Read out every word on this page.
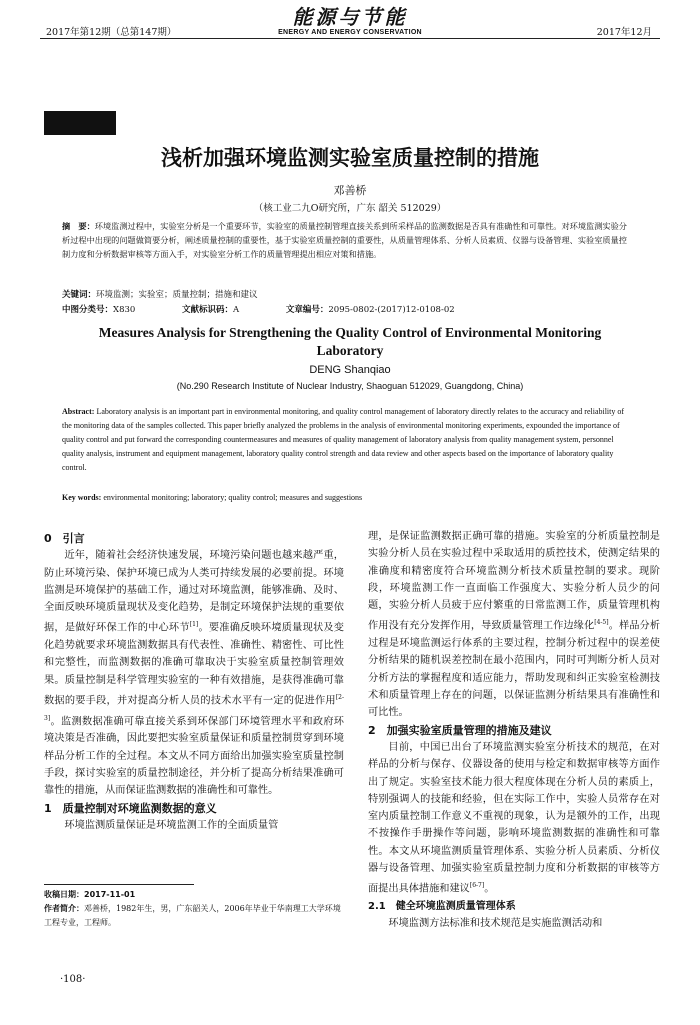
2017年第12期（总第147期）
能源与节能
ENERGY AND ENERGY CONSERVATION	2017年12月
浅析加强环境监测实验室质量控制的措施
邓善桥
（核工业二九O研究所，广东 韶关 512029）
摘　要：环境监测过程中，实验室分析是一个重要环节，实验室的质量控制管理直接关系到所采样品的监测数据是否具有准确性和可靠性。对环境监测实验分析过程中出现的问题做简要分析，阐述质量控制的重要性，基于实验室质量控制的重要性，从质量管理体系、分析人员素质、仪器与设备管理、实验室质量控制力度和分析数据审核等方面入手，对实验室分析工作的质量管理提出相应对策和措施。
关键词：环境监测；实验室；质量控制；措施和建议
中图分类号：X830	文献标识码：A	文章编号：2095-0802-(2017)12-0108-02
Measures Analysis for Strengthening the Quality Control of Environmental Monitoring Laboratory
DENG Shanqiao
(No.290 Research Institute of Nuclear Industry, Shaoguan 512029, Guangdong, China)
Abstract: Laboratory analysis is an important part in environmental monitoring, and quality control management of laboratory directly relates to the accuracy and reliability of the monitoring data of the samples collected. This paper briefly analyzed the problems in the analysis of environmental monitoring experiments, expounded the importance of quality control and put forward the corresponding countermeasures and measures of quality management of laboratory analysis from quality management system, personnel quality analysis, instrument and equipment management, laboratory quality control strength and data review and other aspects based on the importance of laboratory quality control.
Key words: environmental monitoring; laboratory; quality control; measures and suggestions

0　引言

近年，随着社会经济快速发展，环境污染问题也越来越严重，防止环境污染、保护环境已成为人类可持续发展的必要前提。环境监测是环境保护的基础工作，通过对环境监测，能够准确、及时、全面反映环境质量现状及变化趋势，是制定环境保护法规的重要依据，是做好环保工作的中心环节[1]。要准确反映环境质量现状及变化趋势就要求环境监测数据具有代表性、准确性、精密性、可比性和完整性，而监测数据的准确可靠取决于实验室质量控制管理效果。质量控制是科学管理实验室的一种有效措施，是获得准确可靠数据的要手段，并对提高分析人员的技术水平有一定的促进作用[2-3]。监测数据准确可靠直接关系到环保部门环境管理水平和政府环境决策是否准确，因此要把实验室质量保证和质量控制贯穿到环境样品分析工作的全过程。本文从不同方面给出加强实验室质量控制手段，探讨实验室的质量控制途径，并分析了提高分析结果准确可靠性的措施，从而保证监测数据的准确性和可靠性。

1　质量控制对环境监测数据的意义

环境监测质量保证是环境监测工作的全面质量管

理，是保证监测数据正确可靠的措施。实验室的分析质量控制是实验分析人员在实验过程中采取适用的质控技术，使测定结果的准确度和精密度符合环境监测分析技术质量控制的要求。现阶段，环境监测工作一直面临工作强度大、实验分析人员少的问题，实验分析人员疲于应付繁重的日常监测工作，质量管理机构作用没有充分发挥作用，导致质量管理工作边缘化[4-5]。样品分析过程是环境监测运行体系的主要过程，控制分析过程中的误差使分析结果的随机误差控制在最小范围内，同时可判断分析人员对分析方法的掌握程度和适应能力，帮助发现和纠正实验室检测技术和质量管理上存在的问题，以保证监测分析结果具有准确性和可比性。

2　加强实验室质量管理的措施及建议

目前，中国已出台了环境监测实验室分析技术的规范，在对样品的分析与保存、仪器设备的使用与检定和数据审核等方面作出了规定。实验室技术能力很大程度体现在分析人员的素质上，特别强调人的技能和经验，但在实际工作中，实验人员常存在对室内质量控制工作意义不重视的现象，认为是额外的工作，出现不按操作手册操作等问题，影响环境监测数据的准确性和可靠性。本文从环境监测质量管理体系、实验分析人员素质、分析仪器与设备管理、加强实验室质量控制力度和分析数据的审核等方面提出具体措施和建议[6-7]。

2.1　健全环境监测质量管理体系

环境监测方法标准和技术规范是实施监测活动和

收稿日期：2017-11-01
作者简介：邓善桥，1982年生，男，广东韶关人，2006年毕业于华南理工大学环境工程专业，工程师。
·108·
